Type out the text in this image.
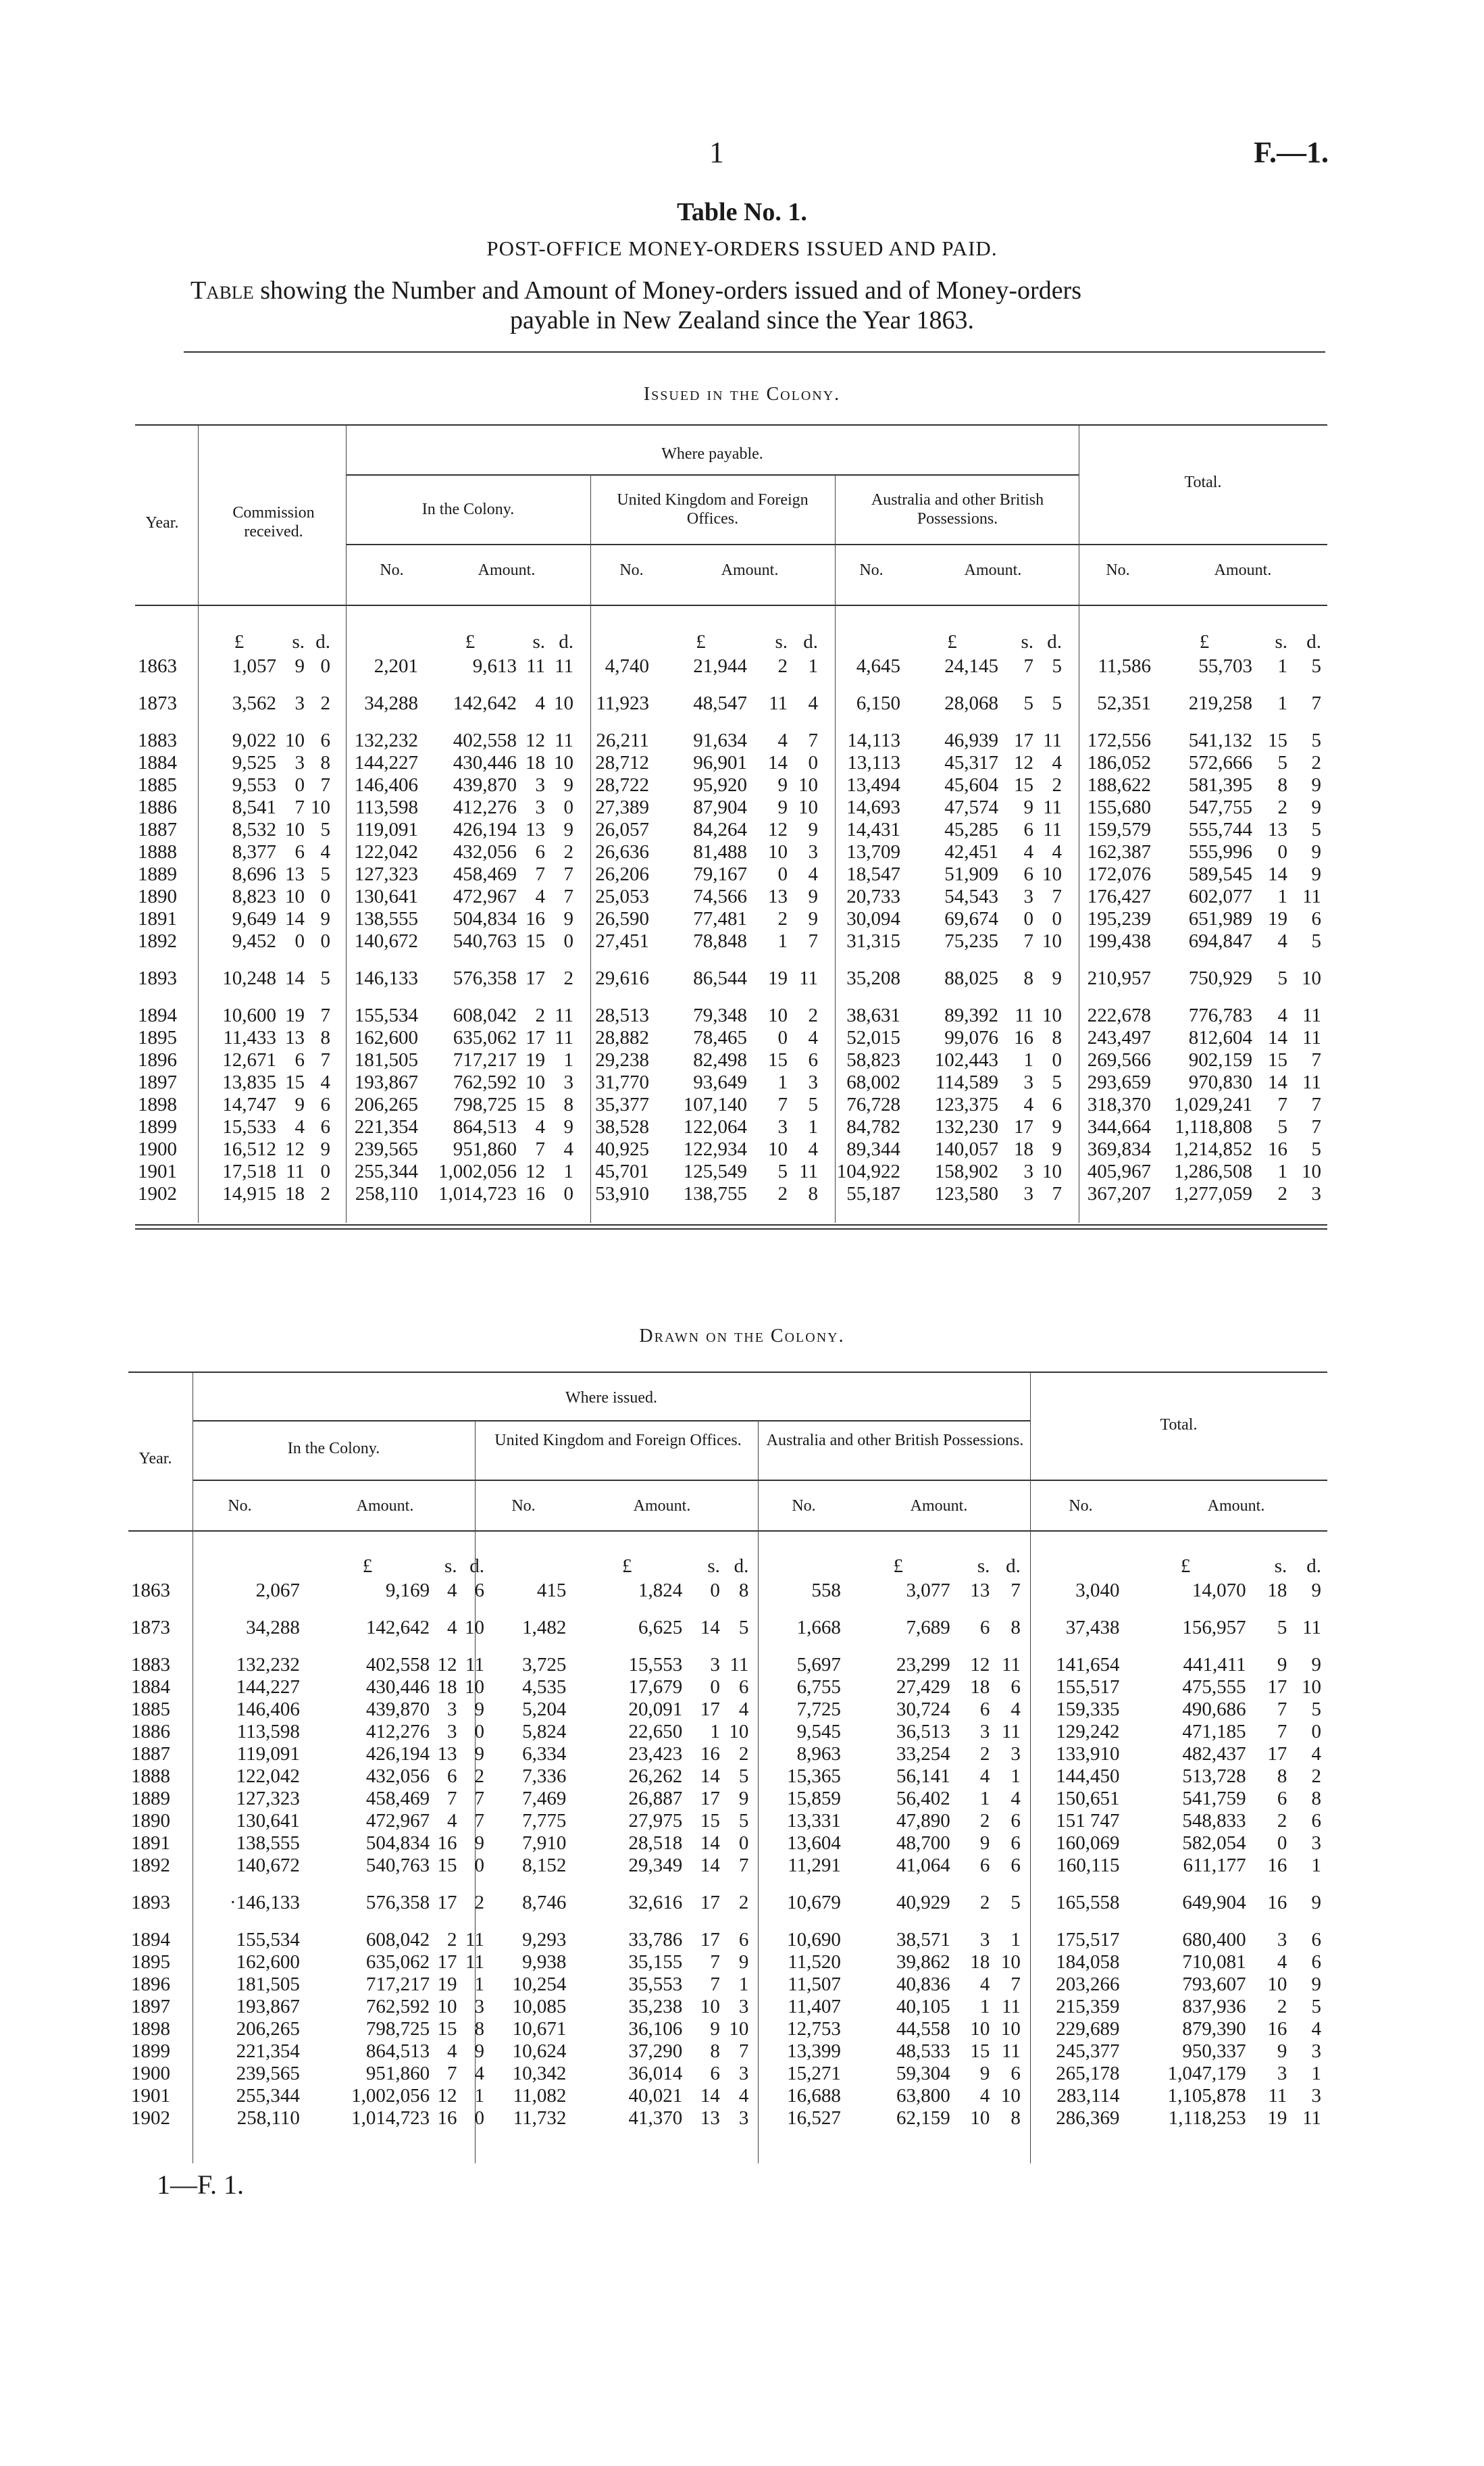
1	F.—1.
Table No. 1.
POST-OFFICE MONEY-ORDERS ISSUED AND PAID.
Table showing the Number and Amount of Money-orders issued and of Money-orders
payable in New Zealand since the Year 1863.
Issued in the Colony.
Year.
Commission received.
Where payable.
In the Colony.
United Kingdom and Foreign Offices.
Australia and other British Possessions.
Total.
No.	Amount.	No.	Amount.	No.	Amount.	No.	Amount.
	£	s.	d.		£	s.	d.		£	s.	d.		£	s.	d.		£	s.	d.
1863	1,057	9	0	2,201	9,613	11	11	4,740	21,944	2	1	4,645	24,145	7	5	11,586	55,703	1	5

1873	3,562	3	2	34,288	142,642	4	10	11,923	48,547	11	4	6,150	28,068	5	5	52,351	219,258	1	7

1883	9,022	10	6	132,232	402,558	12	11	26,211	91,634	4	7	14,113	46,939	17	11	172,556	541,132	15	5
1884	9,525	3	8	144,227	430,446	18	10	28,712	96,901	14	0	13,113	45,317	12	4	186,052	572,666	5	2
1885	9,553	0	7	146,406	439,870	3	9	28,722	95,920	9	10	13,494	45,604	15	2	188,622	581,395	8	9
1886	8,541	7	10	113,598	412,276	3	0	27,389	87,904	9	10	14,693	47,574	9	11	155,680	547,755	2	9
1887	8,532	10	5	119,091	426,194	13	9	26,057	84,264	12	9	14,431	45,285	6	11	159,579	555,744	13	5
1888	8,377	6	4	122,042	432,056	6	2	26,636	81,488	10	3	13,709	42,451	4	4	162,387	555,996	0	9
1889	8,696	13	5	127,323	458,469	7	7	26,206	79,167	0	4	18,547	51,909	6	10	172,076	589,545	14	9
1890	8,823	10	0	130,641	472,967	4	7	25,053	74,566	13	9	20,733	54,543	3	7	176,427	602,077	1	11
1891	9,649	14	9	138,555	504,834	16	9	26,590	77,481	2	9	30,094	69,674	0	0	195,239	651,989	19	6
1892	9,452	0	0	140,672	540,763	15	0	27,451	78,848	1	7	31,315	75,235	7	10	199,438	694,847	4	5

1893	10,248	14	5	146,133	576,358	17	2	29,616	86,544	19	11	35,208	88,025	8	9	210,957	750,929	5	10

1894	10,600	19	7	155,534	608,042	2	11	28,513	79,348	10	2	38,631	89,392	11	10	222,678	776,783	4	11
1895	11,433	13	8	162,600	635,062	17	11	28,882	78,465	0	4	52,015	99,076	16	8	243,497	812,604	14	11
1896	12,671	6	7	181,505	717,217	19	1	29,238	82,498	15	6	58,823	102,443	1	0	269,566	902,159	15	7
1897	13,835	15	4	193,867	762,592	10	3	31,770	93,649	1	3	68,002	114,589	3	5	293,659	970,830	14	11
1898	14,747	9	6	206,265	798,725	15	8	35,377	107,140	7	5	76,728	123,375	4	6	318,370	1,029,241	7	7
1899	15,533	4	6	221,354	864,513	4	9	38,528	122,064	3	1	84,782	132,230	17	9	344,664	1,118,808	5	7
1900	16,512	12	9	239,565	951,860	7	4	40,925	122,934	10	4	89,344	140,057	18	9	369,834	1,214,852	16	5
1901	17,518	11	0	255,344	1,002,056	12	1	45,701	125,549	5	11	104,922	158,902	3	10	405,967	1,286,508	1	10
1902	14,915	18	2	258,110	1,014,723	16	0	53,910	138,755	2	8	55,187	123,580	3	7	367,207	1,277,059	2	3
Drawn on the Colony.
Year.
Where issued.
In the Colony.	United Kingdom and Foreign Offices.	Australia and other British Possessions.
Total.
No.	Amount.	No.	Amount.	No.	Amount.	No.	Amount.
		£	s.	d.		£	s.	d.		£	s.	d.		£	s.	d.
1863	2,067	9,169	4	6	415	1,824	0	8	558	3,077	13	7	3,040	14,070	18	9

1873	34,288	142,642	4	10	1,482	6,625	14	5	1,668	7,689	6	8	37,438	156,957	5	11

1883	132,232	402,558	12	11	3,725	15,553	3	11	5,697	23,299	12	11	141,654	441,411	9	9
1884	144,227	430,446	18	10	4,535	17,679	0	6	6,755	27,429	18	6	155,517	475,555	17	10
1885	146,406	439,870	3	9	5,204	20,091	17	4	7,725	30,724	6	4	159,335	490,686	7	5
1886	113,598	412,276	3	0	5,824	22,650	1	10	9,545	36,513	3	11	129,242	471,185	7	0
1887	119,091	426,194	13	9	6,334	23,423	16	2	8,963	33,254	2	3	133,910	482,437	17	4
1888	122,042	432,056	6	2	7,336	26,262	14	5	15,365	56,141	4	1	144,450	513,728	8	2
1889	127,323	458,469	7	7	7,469	26,887	17	9	15,859	56,402	1	4	150,651	541,759	6	8
1890	130,641	472,967	4	7	7,775	27,975	15	5	13,331	47,890	2	6	151 747	548,833	2	6
1891	138,555	504,834	16	9	7,910	28,518	14	0	13,604	48,700	9	6	160,069	582,054	0	3
1892	140,672	540,763	15	0	8,152	29,349	14	7	11,291	41,064	6	6	160,115	611,177	16	1

1893	·146,133	576,358	17	2	8,746	32,616	17	2	10,679	40,929	2	5	165,558	649,904	16	9

1894	155,534	608,042	2	11	9,293	33,786	17	6	10,690	38,571	3	1	175,517	680,400	3	6
1895	162,600	635,062	17	11	9,938	35,155	7	9	11,520	39,862	18	10	184,058	710,081	4	6
1896	181,505	717,217	19	1	10,254	35,553	7	1	11,507	40,836	4	7	203,266	793,607	10	9
1897	193,867	762,592	10	3	10,085	35,238	10	3	11,407	40,105	1	11	215,359	837,936	2	5
1898	206,265	798,725	15	8	10,671	36,106	9	10	12,753	44,558	10	10	229,689	879,390	16	4
1899	221,354	864,513	4	9	10,624	37,290	8	7	13,399	48,533	15	11	245,377	950,337	9	3
1900	239,565	951,860	7	4	10,342	36,014	6	3	15,271	59,304	9	6	265,178	1,047,179	3	1
1901	255,344	1,002,056	12	1	11,082	40,021	14	4	16,688	63,800	4	10	283,114	1,105,878	11	3
1902	258,110	1,014,723	16	0	11,732	41,370	13	3	16,527	62,159	10	8	286,369	1,118,253	19	11
1—F. 1.
